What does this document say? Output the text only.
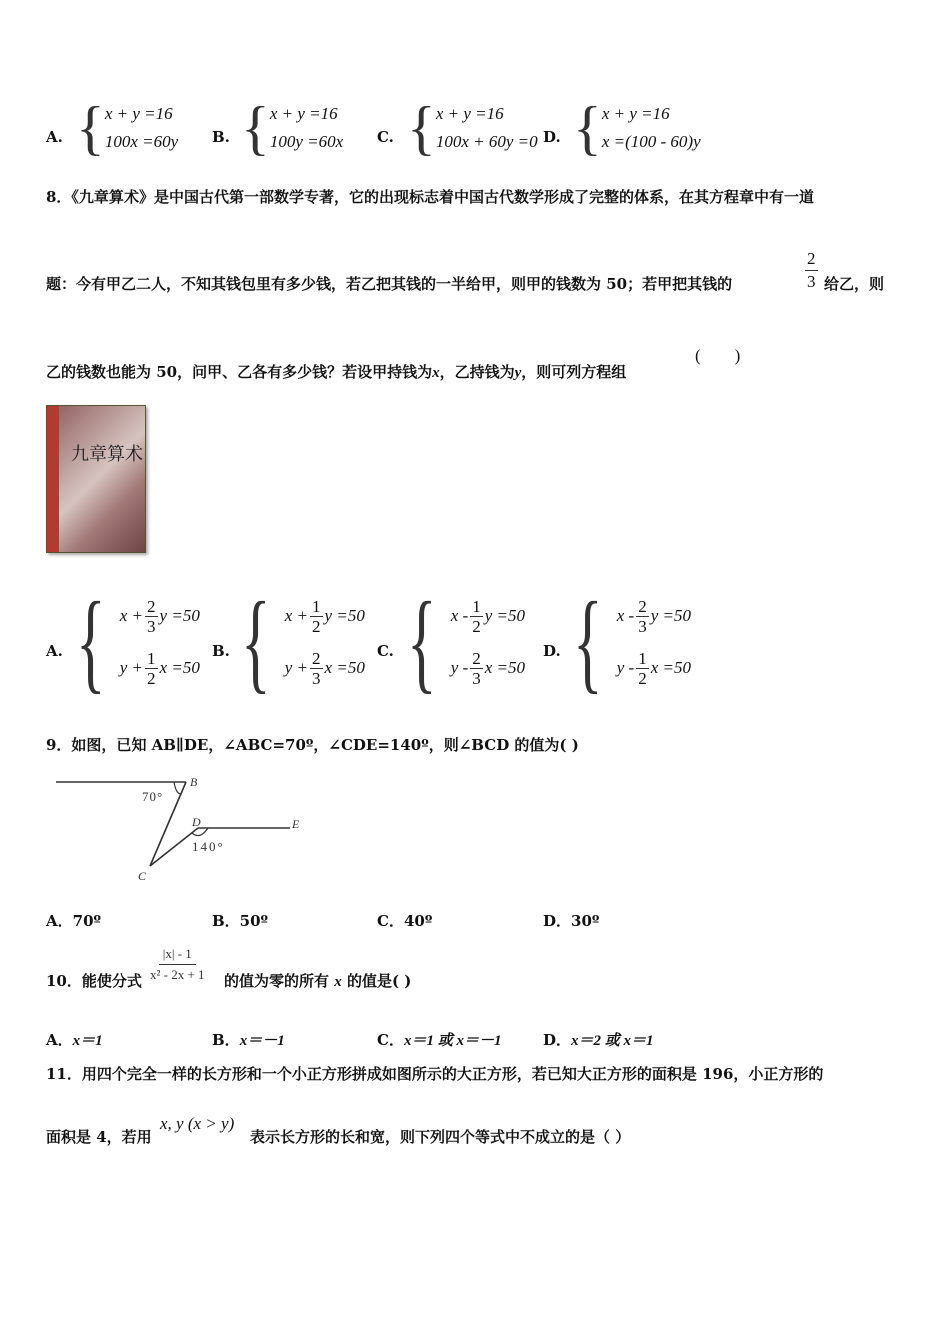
A. { x + y =16
100x =60y B. { x + y =16
100y =60x C. { x + y =16
100x + 60y =0 D. { x + y =16
x =(100 - 60)y
8．《九章算术》是中国古代第一部数学专著，它的出现标志着中国古代数学形成了完整的体系，在其方程章中有一道
题：今有甲乙二人，不知其钱包里有多少钱，若乙把其钱的一半给甲，则甲的钱数为 50；若甲把其钱的	$\frac{2}{3}$ 给乙，则
乙的钱数也能为 50，问甲、乙各有多少钱？若设甲持钱为x，乙持钱为y，则可列方程组
(        )
九章算术
A. { $x + \frac{2}{3}$ y =50
$y + \frac{1}{2}$ x =50
B. { $x + \frac{1}{2}$ y =50
$y + \frac{2}{3}$ x =50
C. { x - $\frac{1}{2}$ y =50
y - $\frac{2}{3}$ x =50
D. { x - $\frac{2}{3}$ y =50
y - $\frac{1}{2}$ x =50
9．如图，已知 AB∥DE，∠ABC=70º，∠CDE=140º，则∠BCD 的值为( )
B
D	E
C
70°
140°
A．70º	B．50º	C．40º	D．30º
10．能使分式 $\frac{|x| - 1}{\text{x² - 2x + 1}}$ 的值为零的所有 x 的值是( )
A．x＝1	B．x＝－1	C．x＝1 或 x＝－1	D．x＝2 或 x＝1
11．用四个完全一样的长方形和一个小正方形拼成如图所示的大正方形，若已知大正方形的面积是 196，小正方形的
面积是 4，若用
x, y (x > y)
表示长方形的长和宽，则下列四个等式中不成立的是（ ）
